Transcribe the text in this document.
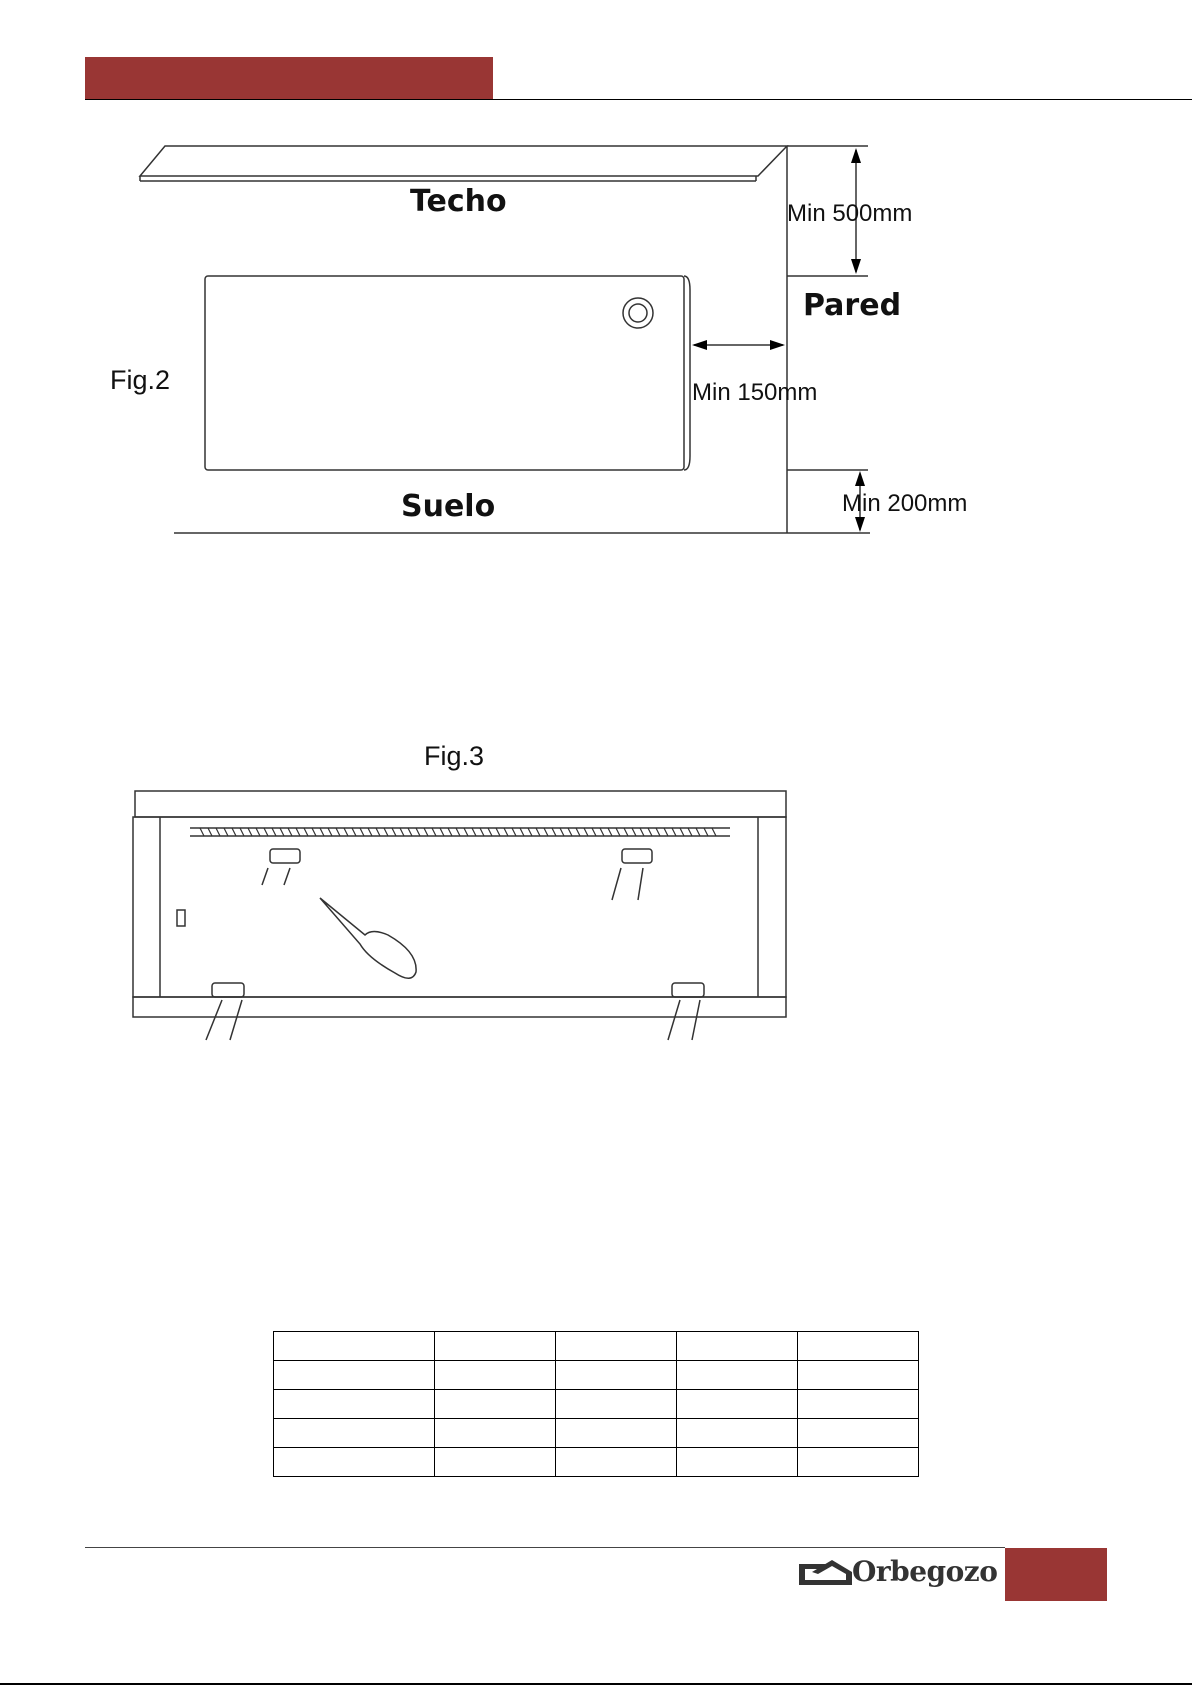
Fig.2
Techo
Pared
Suelo
Min 500mm
Min 150mm
Min 200mm
Fig.3

Orbegozo
